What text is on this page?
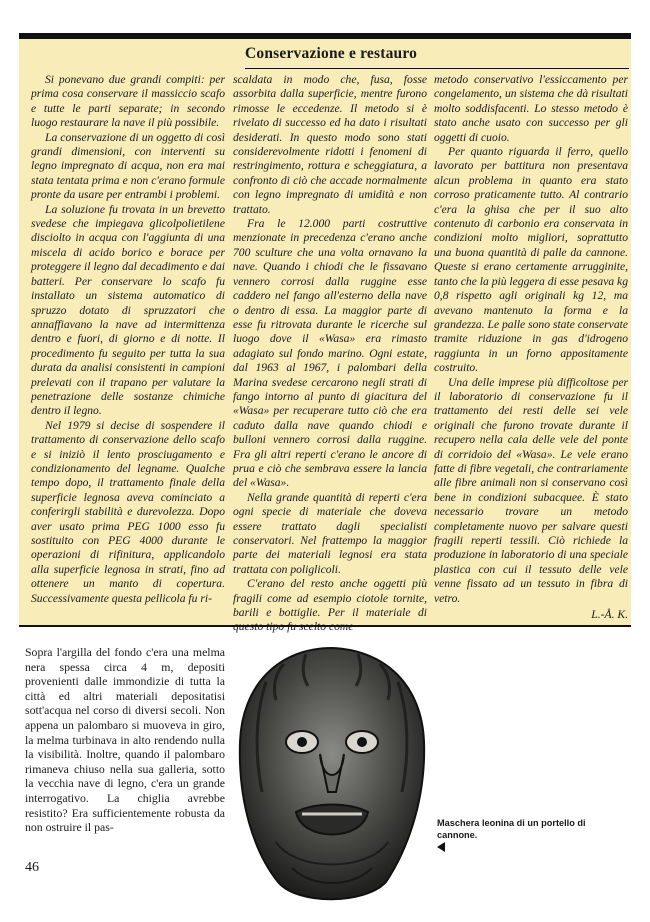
Conservazione e restauro

Si ponevano due grandi compiti: per prima cosa conservare il massiccio scafo e tutte le parti separate; in secondo luogo restaurare la nave il più possibile.

La conservazione di un oggetto di così grandi dimensioni, con interventi su legno impregnato di acqua, non era mai stata tentata prima e non c'erano formule pronte da usare per entrambi i problemi.

La soluzione fu trovata in un brevetto svedese che impiegava glicolpolietilene disciolto in acqua con l'aggiunta di una miscela di acido borico e borace per proteggere il legno dal decadimento e dai batteri. Per conservare lo scafo fu installato un sistema automatico di spruzzo dotato di spruzzatori che annaffiavano la nave ad intermittenza dentro e fuori, di giorno e di notte. Il procedimento fu seguito per tutta la sua durata da analisi consistenti in campioni prelevati con il trapano per valutare la penetrazione delle sostanze chimiche dentro il legno.

Nel 1979 si decise di sospendere il trattamento di conservazione dello scafo e si iniziò il lento prosciugamento e condizionamento del legname. Qualche tempo dopo, il trattamento finale della superficie legnosa aveva cominciato a conferirgli stabilità e durevolezza. Dopo aver usato prima PEG 1000 esso fu sostituito con PEG 4000 durante le operazioni di rifinitura, applicandolo alla superficie legnosa in strati, fino ad ottenere un manto di copertura. Successivamente questa pellicola fu ri-

scaldata in modo che, fusa, fosse assorbita dalla superficie, mentre furono rimosse le eccedenze. Il metodo si è rivelato di successo ed ha dato i risultati desiderati. In questo modo sono stati considerevolmente ridotti i fenomeni di restringimento, rottura e scheggiatura, a confronto di ciò che accade normalmente con legno impregnato di umidità e non trattato.

Fra le 12.000 parti costruttive menzionate in precedenza c'erano anche 700 sculture che una volta ornavano la nave. Quando i chiodi che le fissavano vennero corrosi dalla ruggine esse caddero nel fango all'esterno della nave o dentro di essa. La maggior parte di esse fu ritrovata durante le ricerche sul luogo dove il «Wasa» era rimasto adagiato sul fondo marino. Ogni estate, dal 1963 al 1967, i palombari della Marina svedese cercarono negli strati di fango intorno al punto di giacitura del «Wasa» per recuperare tutto ciò che era caduto dalla nave quando chiodi e bulloni vennero corrosi dalla ruggine. Fra gli altri reperti c'erano le ancore di prua e ciò che sembrava essere la lancia del «Wasa».

Nella grande quantità di reperti c'era ogni specie di materiale che doveva essere trattato dagli specialisti conservatori. Nel frattempo la maggior parte dei materiali legnosi era stata trattata con poliglicoli.

C'erano del resto anche oggetti più fragili come ad esempio ciotole tornite, barili e bottiglie. Per il materiale di questo tipo fu scelto come

metodo conservativo l'essiccamento per congelamento, un sistema che dà risultati molto soddisfacenti. Lo stesso metodo è stato anche usato con successo per gli oggetti di cuoio.

Per quanto riguarda il ferro, quello lavorato per battitura non presentava alcun problema in quanto era stato corroso praticamente tutto. Al contrario c'era la ghisa che per il suo alto contenuto di carbonio era conservata in condizioni molto migliori, soprattutto una buona quantità di palle da cannone. Queste si erano certamente arrugginite, tanto che la più leggera di esse pesava kg 0,8 rispetto agli originali kg 12, ma avevano mantenuto la forma e la grandezza. Le palle sono state conservate tramite riduzione in gas d'idrogeno raggiunta in un forno appositamente costruito.

Una delle imprese più difficoltose per il laboratorio di conservazione fu il trattamento dei resti delle sei vele originali che furono trovate durante il recupero nella cala delle vele del ponte di corridoio del «Wasa». Le vele erano fatte di fibre vegetali, che contrariamente alle fibre animali non si conservano così bene in condizioni subacquee. È stato necessario trovare un metodo completamente nuovo per salvare questi fragili reperti tessili. Ciò richiede la produzione in laboratorio di una speciale plastica con cui il tessuto delle vele venne fissato ad un tessuto in fibra di vetro.

L.-Å. K.
Sopra l'argilla del fondo c'era una melma nera spessa circa 4 m, depositi provenienti dalle immondizie di tutta la città ed altri materiali depositatisi sott'acqua nel corso di diversi secoli. Non appena un palombaro si muoveva in giro, la melma turbinava in alto rendendo nulla la visibilità. Inoltre, quando il palombaro rimaneva chiuso nella sua galleria, sotto la vecchia nave di legno, c'era un grande interrogativo. La chiglia avrebbe resistito? Era sufficientemente robusta da non ostruire il pas-
46
Maschera leonina di un portello di cannone.
